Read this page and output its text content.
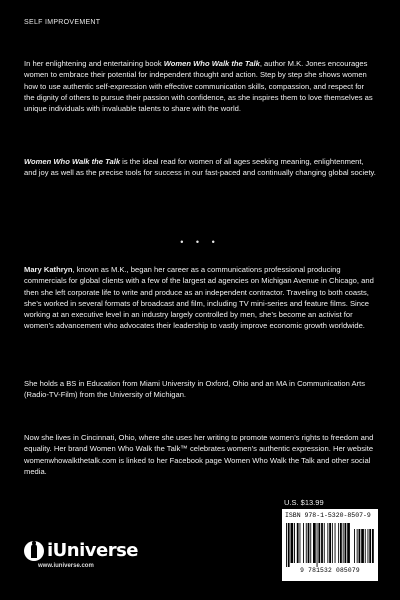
SELF IMPROVEMENT
In her enlightening and entertaining book Women Who Walk the Talk, author M.K. Jones encourages women to embrace their potential for independent thought and action. Step by step she shows women how to use authentic self-expression with effective communication skills, compassion, and respect for the dignity of others to pursue their passion with confidence, as she inspires them to love themselves as unique individuals with invaluable talents to share with the world.
Women Who Walk the Talk is the ideal read for women of all ages seeking meaning, enlightenment, and joy as well as the precise tools for success in our fast-paced and continually changing global society.
• • •
Mary Kathryn, known as M.K., began her career as a communications professional producing commercials for global clients with a few of the largest ad agencies on Michigan Avenue in Chicago, and then she left corporate life to write and produce as an independent contractor. Traveling to both coasts, she’s worked in several formats of broadcast and film, including TV mini-series and feature films. Since working at an executive level in an industry largely controlled by men, she’s become an activist for women’s advancement who advocates their leadership to vastly improve economic growth worldwide.
She holds a BS in Education from Miami University in Oxford, Ohio and an MA in Communication Arts (Radio-TV-Film) from the University of Michigan.
Now she lives in Cincinnati, Ohio, where she uses her writing to promote women’s rights to freedom and equality. Her brand Women Who Walk the Talk™ celebrates women’s authentic expression. Her website womenwhowalkthetalk.com is linked to her Facebook page Women Who Walk the Talk and other social media.
U.S. $13.99
ISBN 978-1-5320-8507-9
9 781532 085079
iUniverse
www.iuniverse.com
